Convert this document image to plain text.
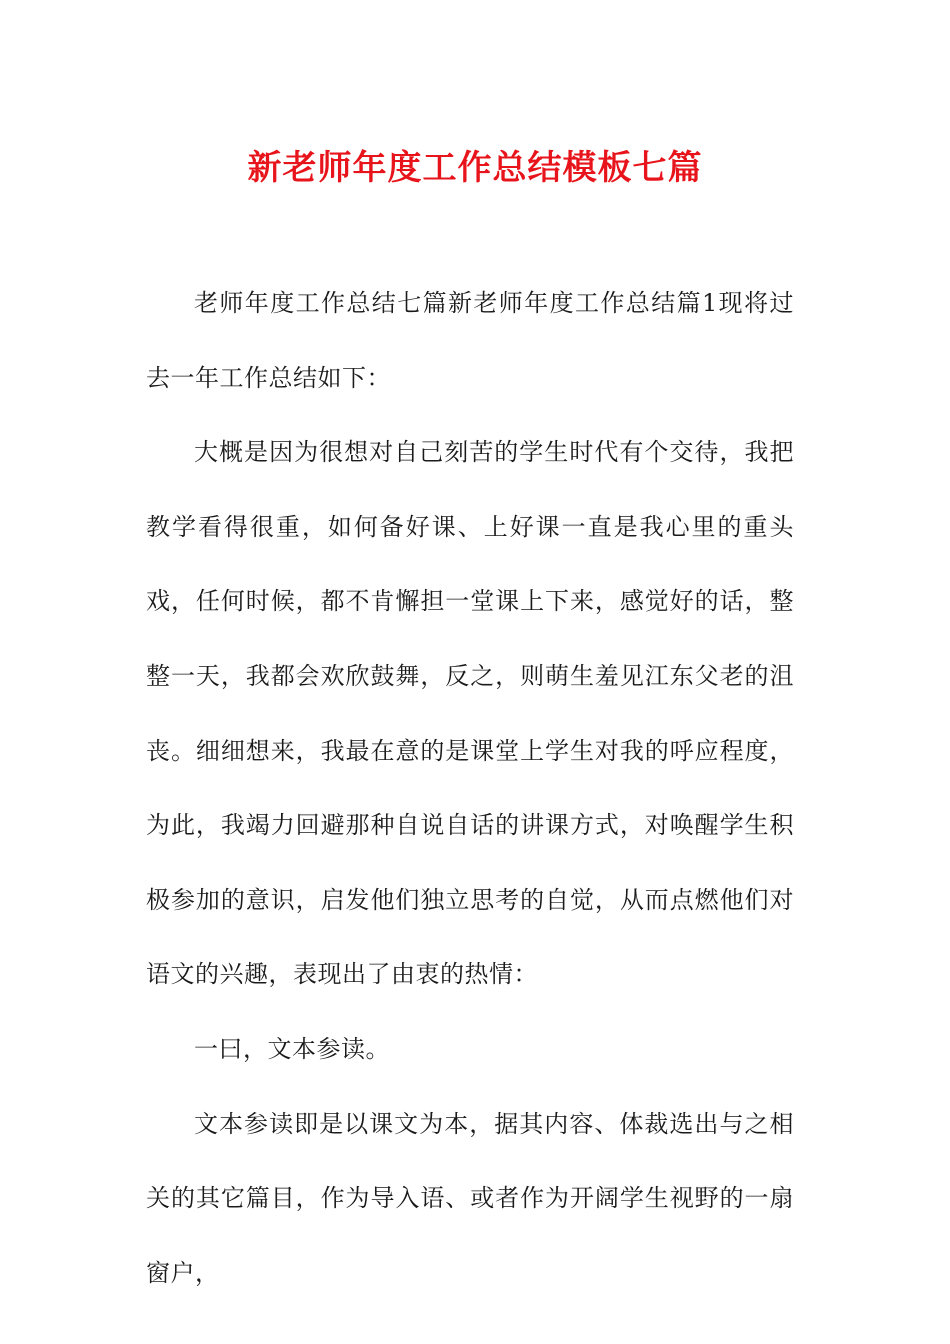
新老师年度工作总结模板七篇

老师年度工作总结七篇新老师年度工作总结篇1现将过去一年工作总结如下：

大概是因为很想对自己刻苦的学生时代有个交待，我把教学看得很重，如何备好课、上好课一直是我心里的重头戏，任何时候，都不肯懈担一堂课上下来，感觉好的话，整整一天，我都会欢欣鼓舞，反之，则萌生羞见江东父老的沮丧。细细想来，我最在意的是课堂上学生对我的呼应程度，为此，我竭力回避那种自说自话的讲课方式，对唤醒学生积极参加的意识，启发他们独立思考的自觉，从而点燃他们对语文的兴趣，表现出了由衷的热情：

一曰，文本参读。

文本参读即是以课文为本，据其内容、体裁选出与之相关的其它篇目，作为导入语、或者作为开阔学生视野的一扇窗户，
